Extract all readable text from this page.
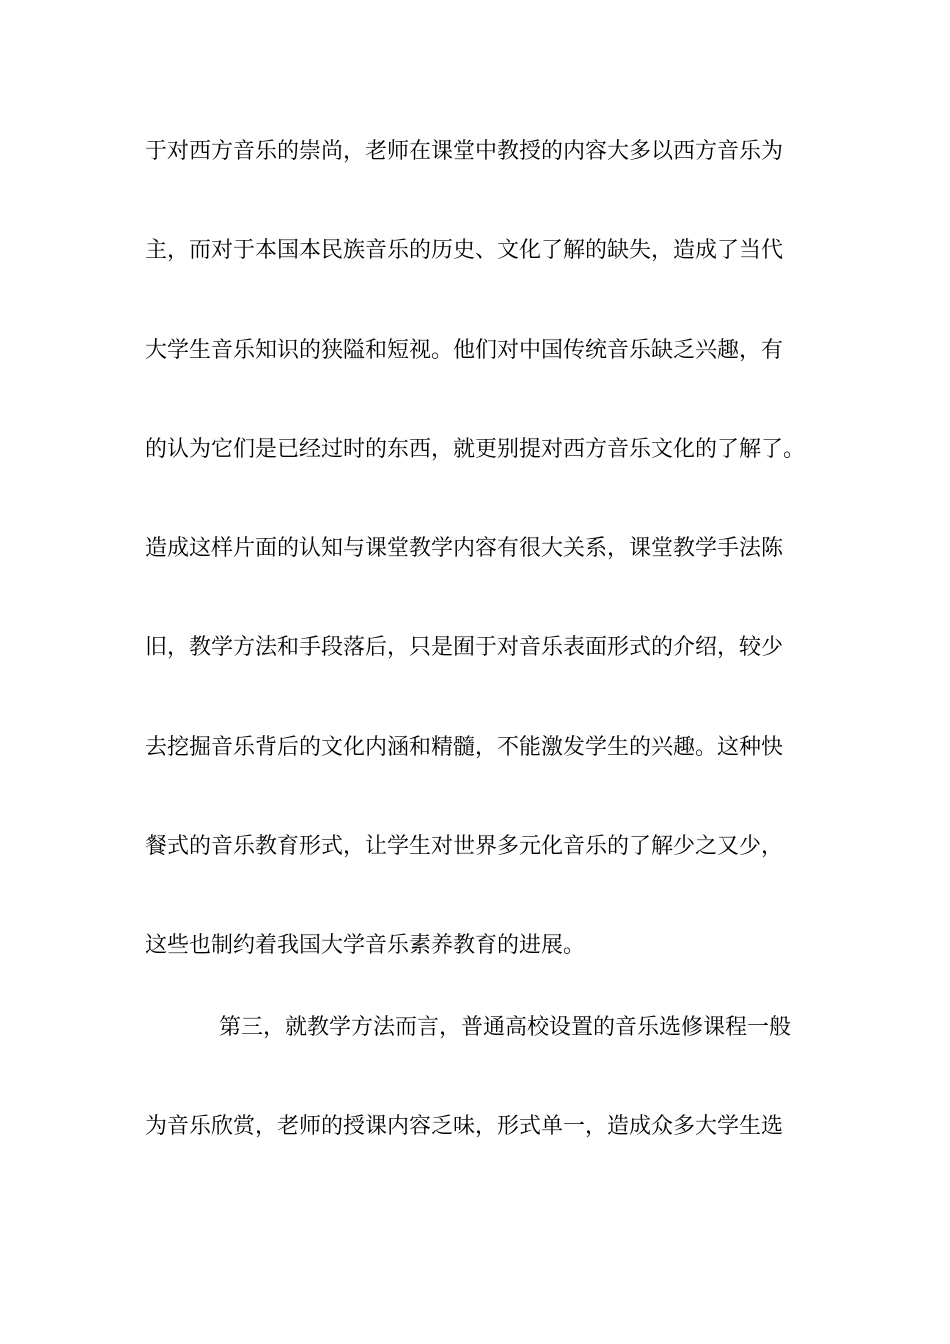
于对西方音乐的崇尚，老师在课堂中教授的内容大多以西方音乐为
主，而对于本国本民族音乐的历史、文化了解的缺失，造成了当代
大学生音乐知识的狭隘和短视。他们对中国传统音乐缺乏兴趣，有
的认为它们是已经过时的东西，就更别提对西方音乐文化的了解了。
造成这样片面的认知与课堂教学内容有很大关系，课堂教学手法陈
旧，教学方法和手段落后，只是囿于对音乐表面形式的介绍，较少
去挖掘音乐背后的文化内涵和精髓，不能激发学生的兴趣。这种快
餐式的音乐教育形式，让学生对世界多元化音乐的了解少之又少，
这些也制约着我国大学音乐素养教育的进展。
第三，就教学方法而言，普通高校设置的音乐选修课程一般
为音乐欣赏，老师的授课内容乏味，形式单一，造成众多大学生选
